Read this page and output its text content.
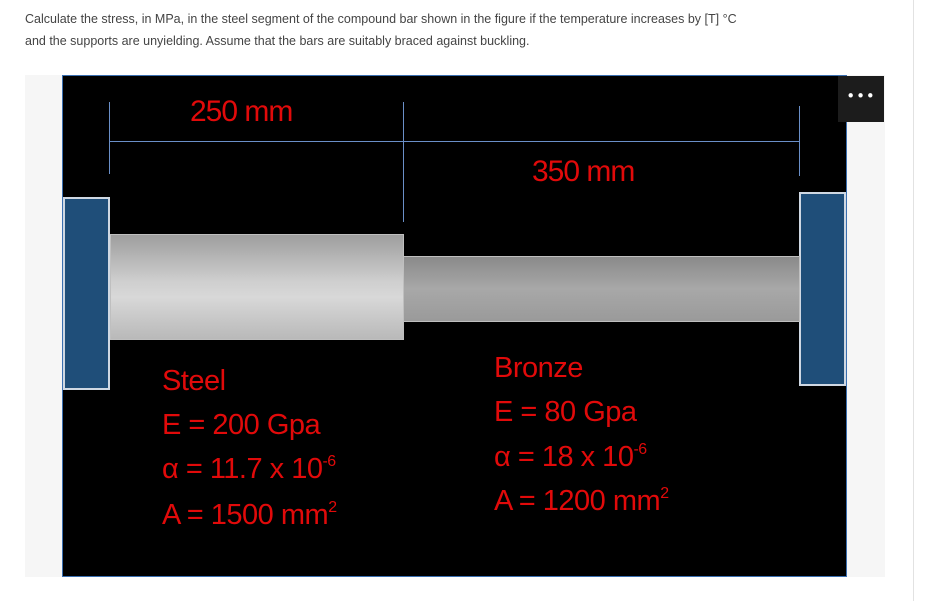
Calculate the stress, in MPa, in the steel segment of the compound bar shown in the figure if the temperature increases by [T] °C
and the supports are unyielding. Assume that the bars are suitably braced against buckling.
250 mm
350 mm
Steel
E = 200 Gpa
α = 11.7 x $10^{-6}$
A = 1500 $mm^2$
Bronze
E = 80 Gpa
α = 18 x $10^{-6}$
A = 1200 $mm^2$
•••
